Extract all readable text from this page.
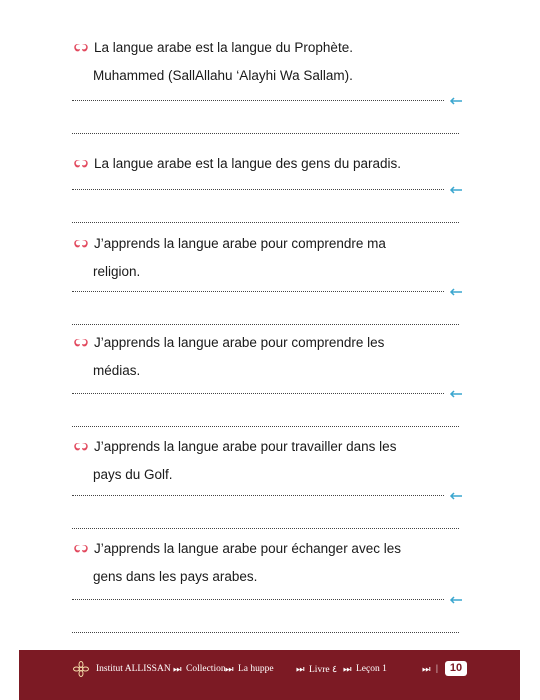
La langue arabe est la langue du Prophète.
Muhammed (SallAllahu ‘Alayhi Wa Sallam).
La langue arabe est la langue des gens du paradis.
J’apprends la langue arabe pour comprendre ma
religion.
J’apprends la langue arabe pour comprendre les
médias.
J’apprends la langue arabe pour travailler dans les
pays du Golf.
J’apprends la langue arabe pour échanger avec les
gens dans les pays arabes.
Institut ALLISSAN ⏭ Collection ⏭ La huppe ⏭ Livre ٤ ⏭ Leçon 1	⏭ |	10
